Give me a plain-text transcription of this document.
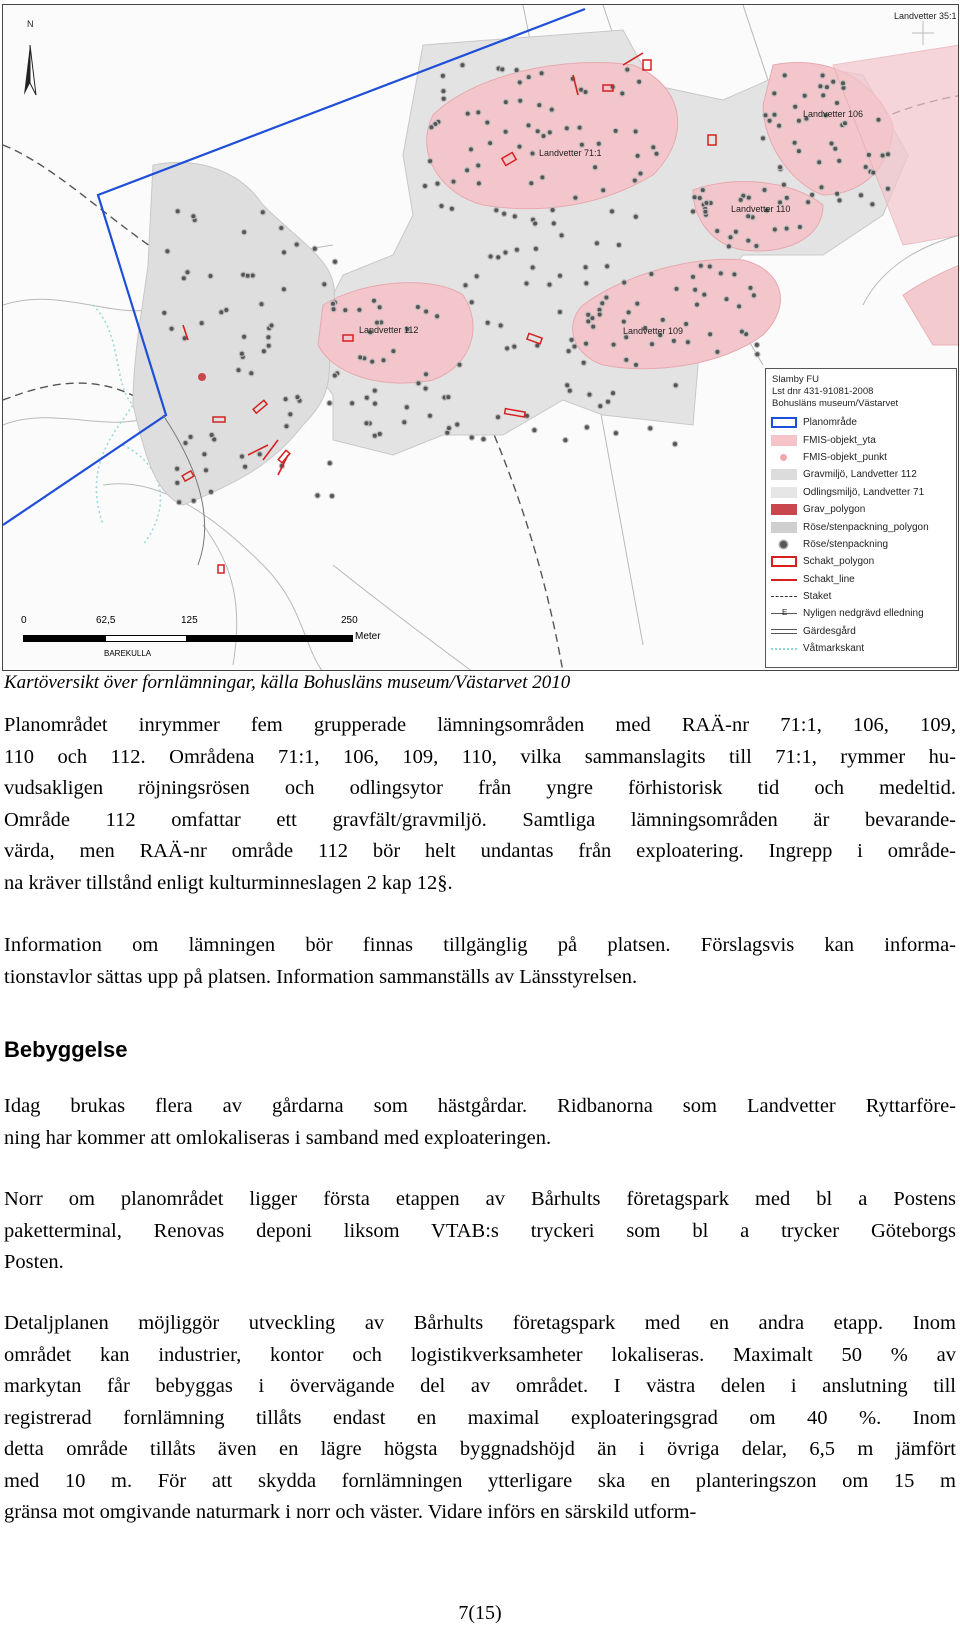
N
Landvetter 71:1
Landvetter 106
Landvetter 110
Landvetter 112	Landvetter 109
Landvetter 35:1
0	62,5	125	250
Meter
BAREKULLA
Slamby FU
Lst dnr 431-91081-2008
Bohusläns museum/Västarvet
Planområde
FMIS-objekt_yta
FMIS-objekt_punkt
Gravmiljö, Landvetter 112
Odlingsmiljö, Landvetter 71
Grav_polygon
Röse/stenpackning_polygon
Röse/stenpackning
Schakt_polygon
Schakt_line
Staket
E Nyligen nedgrävd elledning
Gärdesgård
Våtmarkskant
Kartöversikt över fornlämningar, källa Bohusläns museum/Västarvet 2010

Planområdet inrymmer fem grupperade lämningsområden med RAÄ-nr 71:1, 106, 109,
110 och 112. Områdena 71:1, 106, 109, 110, vilka sammanslagits till 71:1, rymmer hu-
vudsakligen röjningsrösen och odlingsytor från yngre förhistorisk tid och medeltid.
Område 112 omfattar ett gravfält/gravmiljö. Samtliga lämningsområden är bevarande-
värda, men RAÄ-nr område 112 bör helt undantas från exploatering. Ingrepp i områdе-
na kräver tillstånd enligt kulturminneslagen 2 kap 12§.

Information om lämningen bör finnas tillgänglig på platsen. Förslagsvis kan informa-
tionstavlor sättas upp på platsen. Information sammanställs av Länsstyrelsen.

Bebyggelse

Idag brukas flera av gårdarna som hästgårdar. Ridbanorna som Landvetter Ryttarföre-
ning har kommer att omlokaliseras i samband med exploateringen.

Norr om planområdet ligger första etappen av Bårhults företagspark med bl a Postens
paketterminal, Renovas deponi liksom VTAB:s tryckeri som bl a trycker Göteborgs
Posten.

Detaljplanen möjliggör utveckling av Bårhults företagspark med en andra etapp. Inom
området kan industrier, kontor och logistikverksamheter lokaliseras. Maximalt 50 % av
markytan får bebyggas i övervägande del av området. I västra delen i anslutning till
registrerad fornlämning tillåts endast en maximal exploateringsgrad om 40 %. Inom
detta område tillåts även en lägre högsta byggnadshöjd än i övriga delar, 6,5 m jämfört
med 10 m. För att skydda fornlämningen ytterligare ska en planteringszon om 15 m
gränsa mot omgivande naturmark i norr och väster. Vidare införs en särskild utform-

7(15)
